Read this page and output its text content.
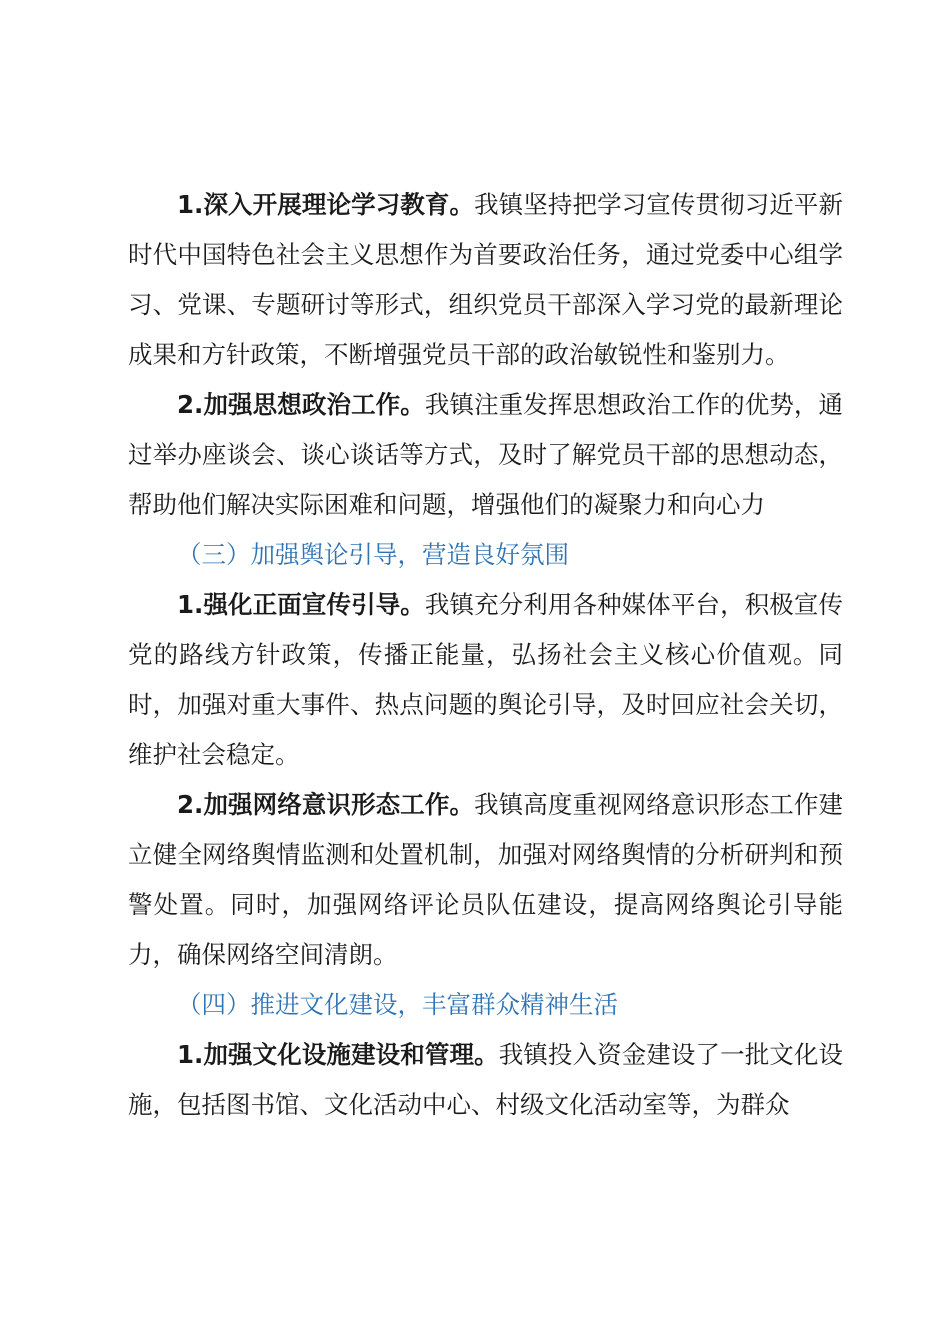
1.深入开展理论学习教育。我镇坚持把学习宣传贯彻习近平新时代中国特色社会主义思想作为首要政治任务，通过党委中心组学习、党课、专题研讨等形式，组织党员干部深入学习党的最新理论成果和方针政策，不断增强党员干部的政治敏锐性和鉴别力。

2.加强思想政治工作。我镇注重发挥思想政治工作的优势，通过举办座谈会、谈心谈话等方式，及时了解党员干部的思想动态，帮助他们解决实际困难和问题，增强他们的凝聚力和向心力

（三）加强舆论引导，营造良好氛围

1.强化正面宣传引导。我镇充分利用各种媒体平台，积极宣传党的路线方针政策，传播正能量，弘扬社会主义核心价值观。同时，加强对重大事件、热点问题的舆论引导，及时回应社会关切，维护社会稳定。

2.加强网络意识形态工作。我镇高度重视网络意识形态工作建立健全网络舆情监测和处置机制，加强对网络舆情的分析研判和预警处置。同时，加强网络评论员队伍建设，提高网络舆论引导能力，确保网络空间清朗。

（四）推进文化建设，丰富群众精神生活

1.加强文化设施建设和管理。我镇投入资金建设了一批文化设施，包括图书馆、文化活动中心、村级文化活动室等，为群众
